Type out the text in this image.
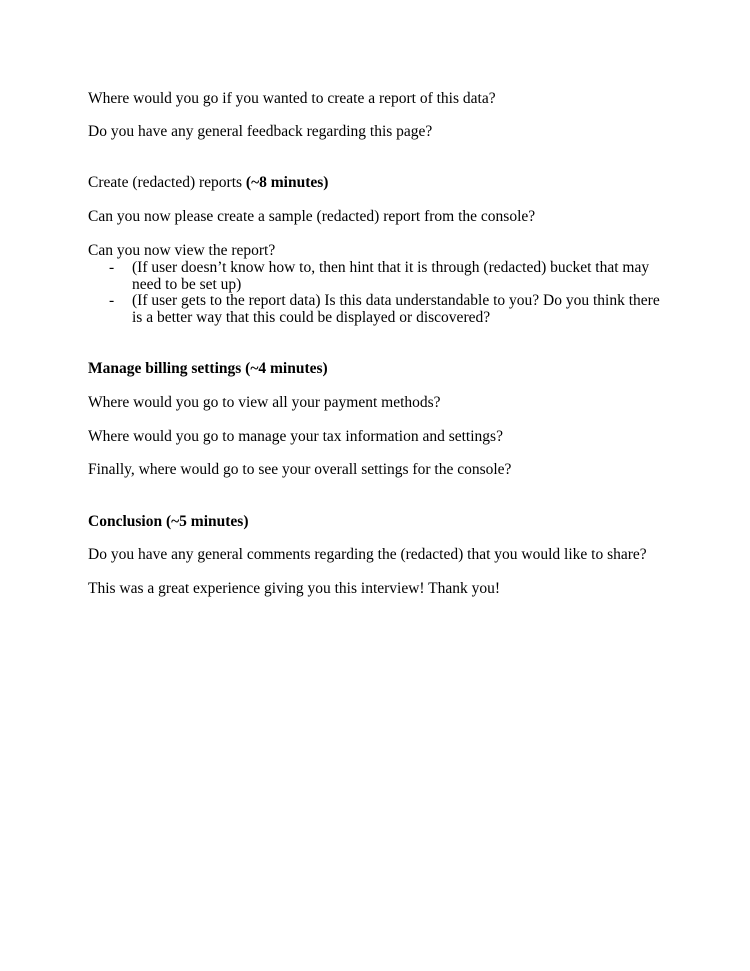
Where would you go if you wanted to create a report of this data?

Do you have any general feedback regarding this page?

Create (redacted) reports (~8 minutes)

Can you now please create a sample (redacted) report from the console?

Can you now view the report?

- (If user doesn’t know how to, then hint that it is through (redacted) bucket that may need to be set up)

- (If user gets to the report data) Is this data understandable to you? Do you think there is a better way that this could be displayed or discovered?

Manage billing settings (~4 minutes)

Where would you go to view all your payment methods?

Where would you go to manage your tax information and settings?

Finally, where would go to see your overall settings for the console?

Conclusion (~5 minutes)

Do you have any general comments regarding the (redacted) that you would like to share?

This was a great experience giving you this interview! Thank you!
